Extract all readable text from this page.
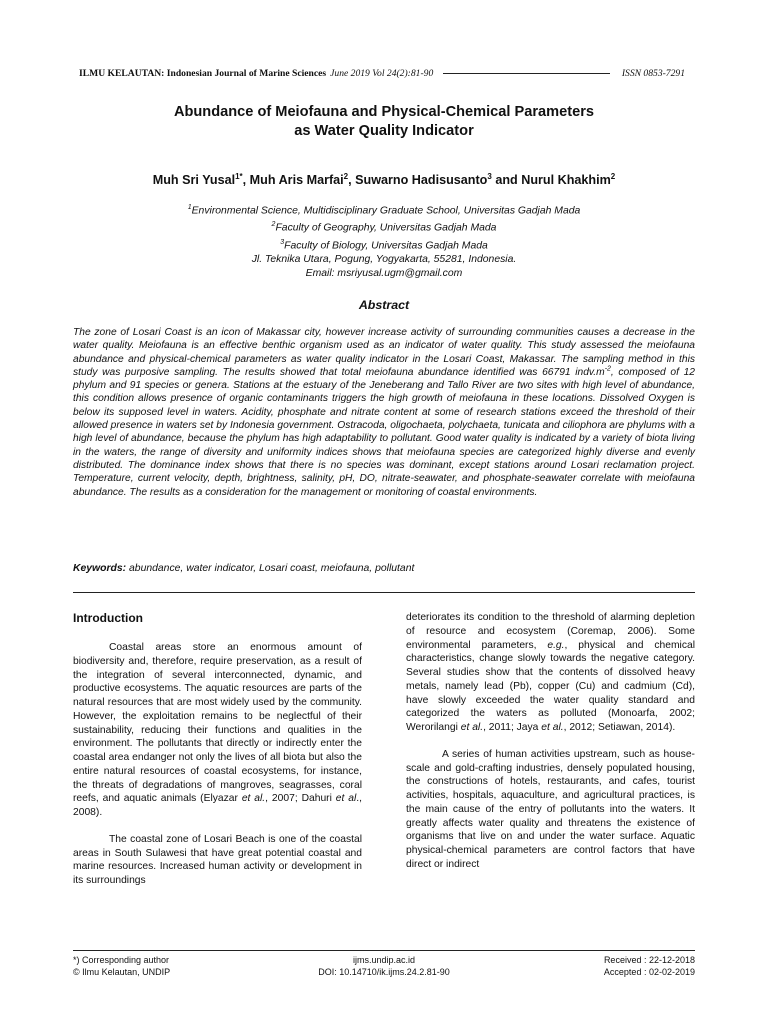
ILMU KELAUTAN: Indonesian Journal of Marine Sciences June 2019 Vol 24(2):81-90	ISSN 0853-7291
Abundance of Meiofauna and Physical-Chemical Parameters
as Water Quality Indicator
Muh Sri Yusal$^{1*}$, Muh Aris Marfai$^2$, Suwarno Hadisusanto$^3$ and Nurul Khakhim$^2$
$^1$Environmental Science, Multidisciplinary Graduate School, Universitas Gadjah Mada
$^2$Faculty of Geography, Universitas Gadjah Mada
$^3$Faculty of Biology, Universitas Gadjah Mada
Jl. Teknika Utara, Pogung, Yogyakarta, 55281, Indonesia.
Email: msriyusal.ugm@gmail.com
Abstract
The zone of Losari Coast is an icon of Makassar city, however increase activity of surrounding communities causes a decrease in the water quality. Meiofauna is an effective benthic organism used as an indicator of water quality. This study assessed the meiofauna abundance and physical-chemical parameters as water quality indicator in the Losari Coast, Makassar. The sampling method in this study was purposive sampling. The results showed that total meiofauna abundance identified was 66791 $indv.m^{-2}$, composed of 12 phylum and 91 species or genera. Stations at the estuary of the Jeneberang and Tallo River are two sites with high level of abundance, this condition allows presence of organic contaminants triggers the high growth of meiofauna in these locations. Dissolved Oxygen is below its supposed level in waters. Acidity, phosphate and nitrate content at some of research stations exceed the threshold of their allowed presence in waters set by Indonesia government. Ostracoda, oligochaeta, polychaeta, tunicata and ciliophora are phylums with a high level of abundance, because the phylum has high adaptability to pollutant. Good water quality is indicated by a variety of biota living in the waters, the range of diversity and uniformity indices shows that meiofauna species are categorized highly diverse and evenly distributed. The dominance index shows that there is no species was dominant, except stations around Losari reclamation project. Temperature, current velocity, depth, brightness, salinity, pH, DO, nitrate-seawater, and phosphate-seawater correlate with meiofauna abundance. The results as a consideration for the management or monitoring of coastal environments.
Keywords: abundance, water indicator, Losari coast, meiofauna, pollutant
Introduction

Coastal areas store an enormous amount of biodiversity and, therefore, require preservation, as a result of the integration of several interconnected, dynamic, and productive ecosystems. The aquatic resources are parts of the natural resources that are most widely used by the community. However, the exploitation remains to be neglectful of their sustainability, reducing their functions and qualities in the environment. The pollutants that directly or indirectly enter the coastal area endanger not only the lives of all biota but also the entire natural resources of coastal ecosystems, for instance, the threats of degradations of mangroves, seagrasses, coral reefs, and aquatic animals (Elyazar et al., 2007; Dahuri et al., 2008).

The coastal zone of Losari Beach is one of the coastal areas in South Sulawesi that have great potential coastal and marine resources. Increased human activity or development in its surroundings

deteriorates its condition to the threshold of alarming depletion of resource and ecosystem (Coremap, 2006). Some environmental parameters, e.g., physical and chemical characteristics, change slowly towards the negative category. Several studies show that the contents of dissolved heavy metals, namely lead (Pb), copper (Cu) and cadmium (Cd), have slowly exceeded the water quality standard and categorized the waters as polluted (Monoarfa, 2002; Werorilangi et al., 2011; Jaya et al., 2012; Setiawan, 2014).

A series of human activities upstream, such as house-scale and gold-crafting industries, densely populated housing, the constructions of hotels, restaurants, and cafes, tourist activities, hospitals, aquaculture, and agricultural practices, is the main cause of the entry of pollutants into the waters. It greatly affects water quality and threatens the existence of organisms that live on and under the water surface. Aquatic physical-chemical parameters are control factors that have direct or indirect

*) Corresponding author
© Ilmu Kelautan, UNDIP
ijms.undip.ac.id
DOI: 10.14710/ik.ijms.24.2.81-90
Received : 22-12-2018
Accepted : 02-02-2019
